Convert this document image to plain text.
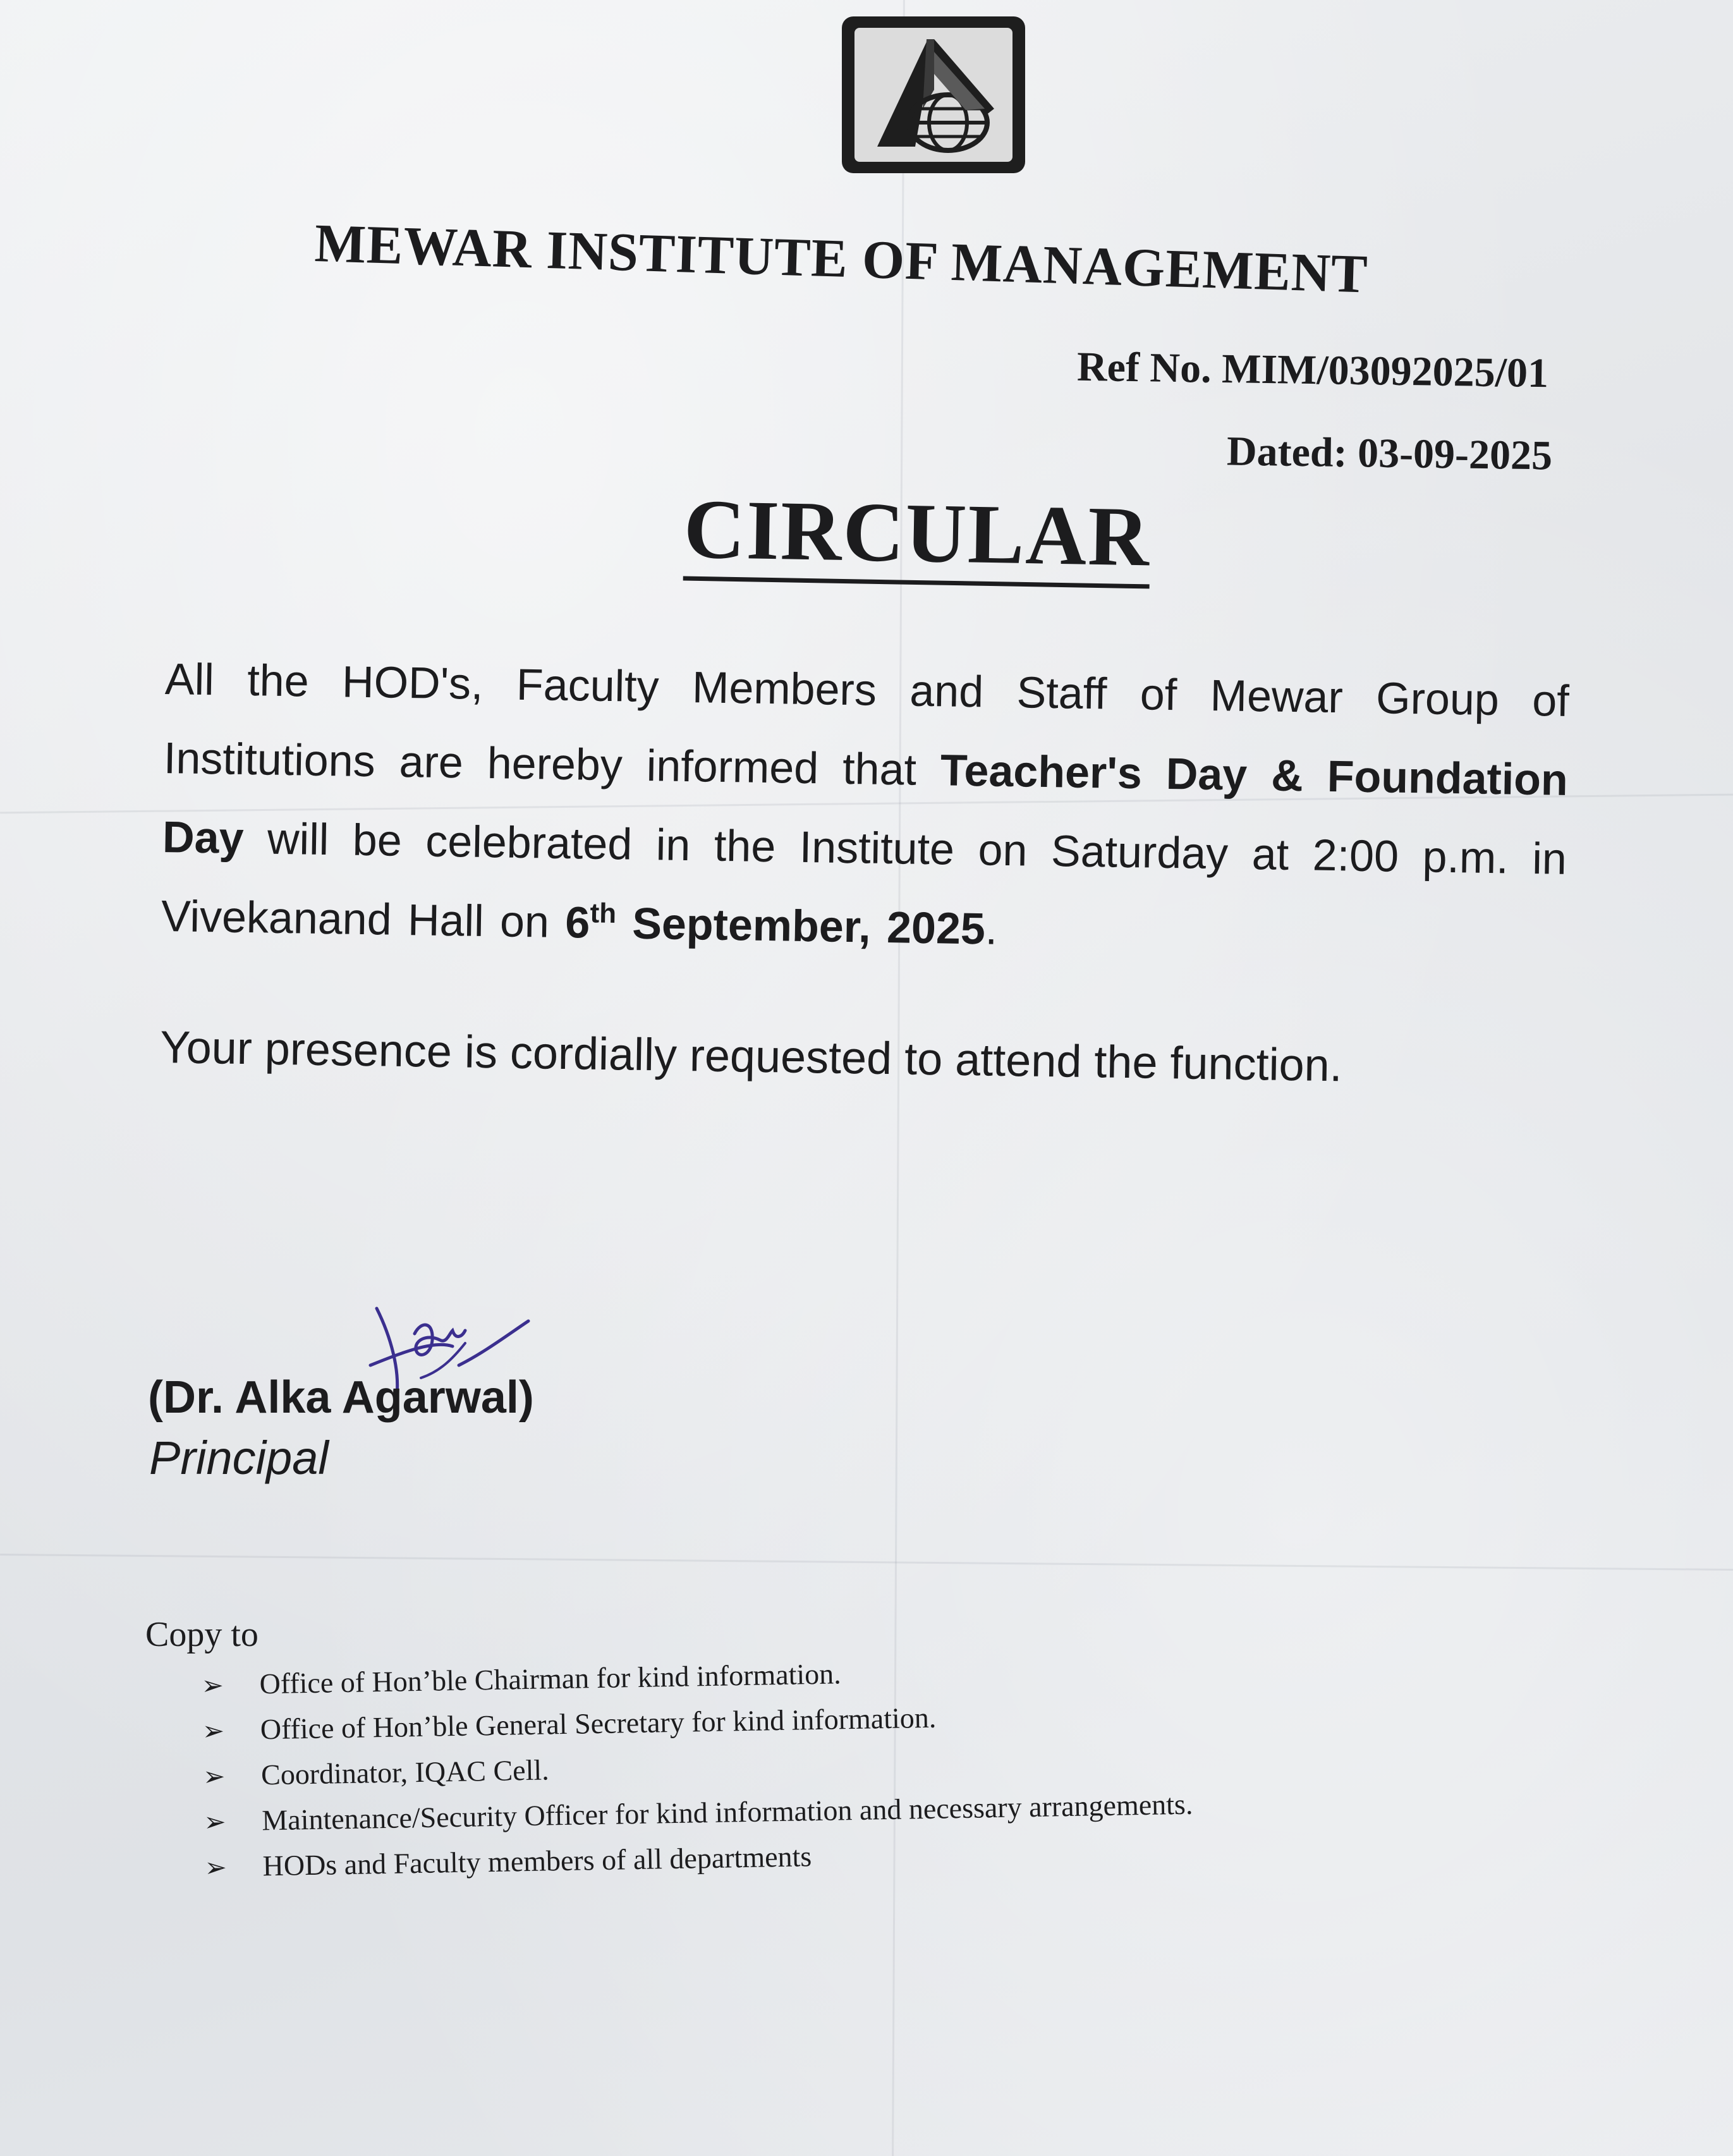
MEWAR INSTITUTE OF MANAGEMENT
Ref No. MIM/03092025/01
Dated: 03-09-2025
CIRCULAR
All the HOD's, Faculty Members and Staff of Mewar Group of Institutions are hereby informed that Teacher's Day & Foundation Day will be celebrated in the Institute on Saturday at 2:00 p.m. in Vivekanand Hall on 6th September, 2025.
Your presence is cordially requested to attend the function.
(Dr. Alka Agarwal)
Principal
Copy to
➢ Office of Hon’ble Chairman for kind information.
➢ Office of Hon’ble General Secretary for kind information.
➢ Coordinator, IQAC Cell.
➢ Maintenance/Security Officer for kind information and necessary arrangements.
➢ HODs and Faculty members of all departments
